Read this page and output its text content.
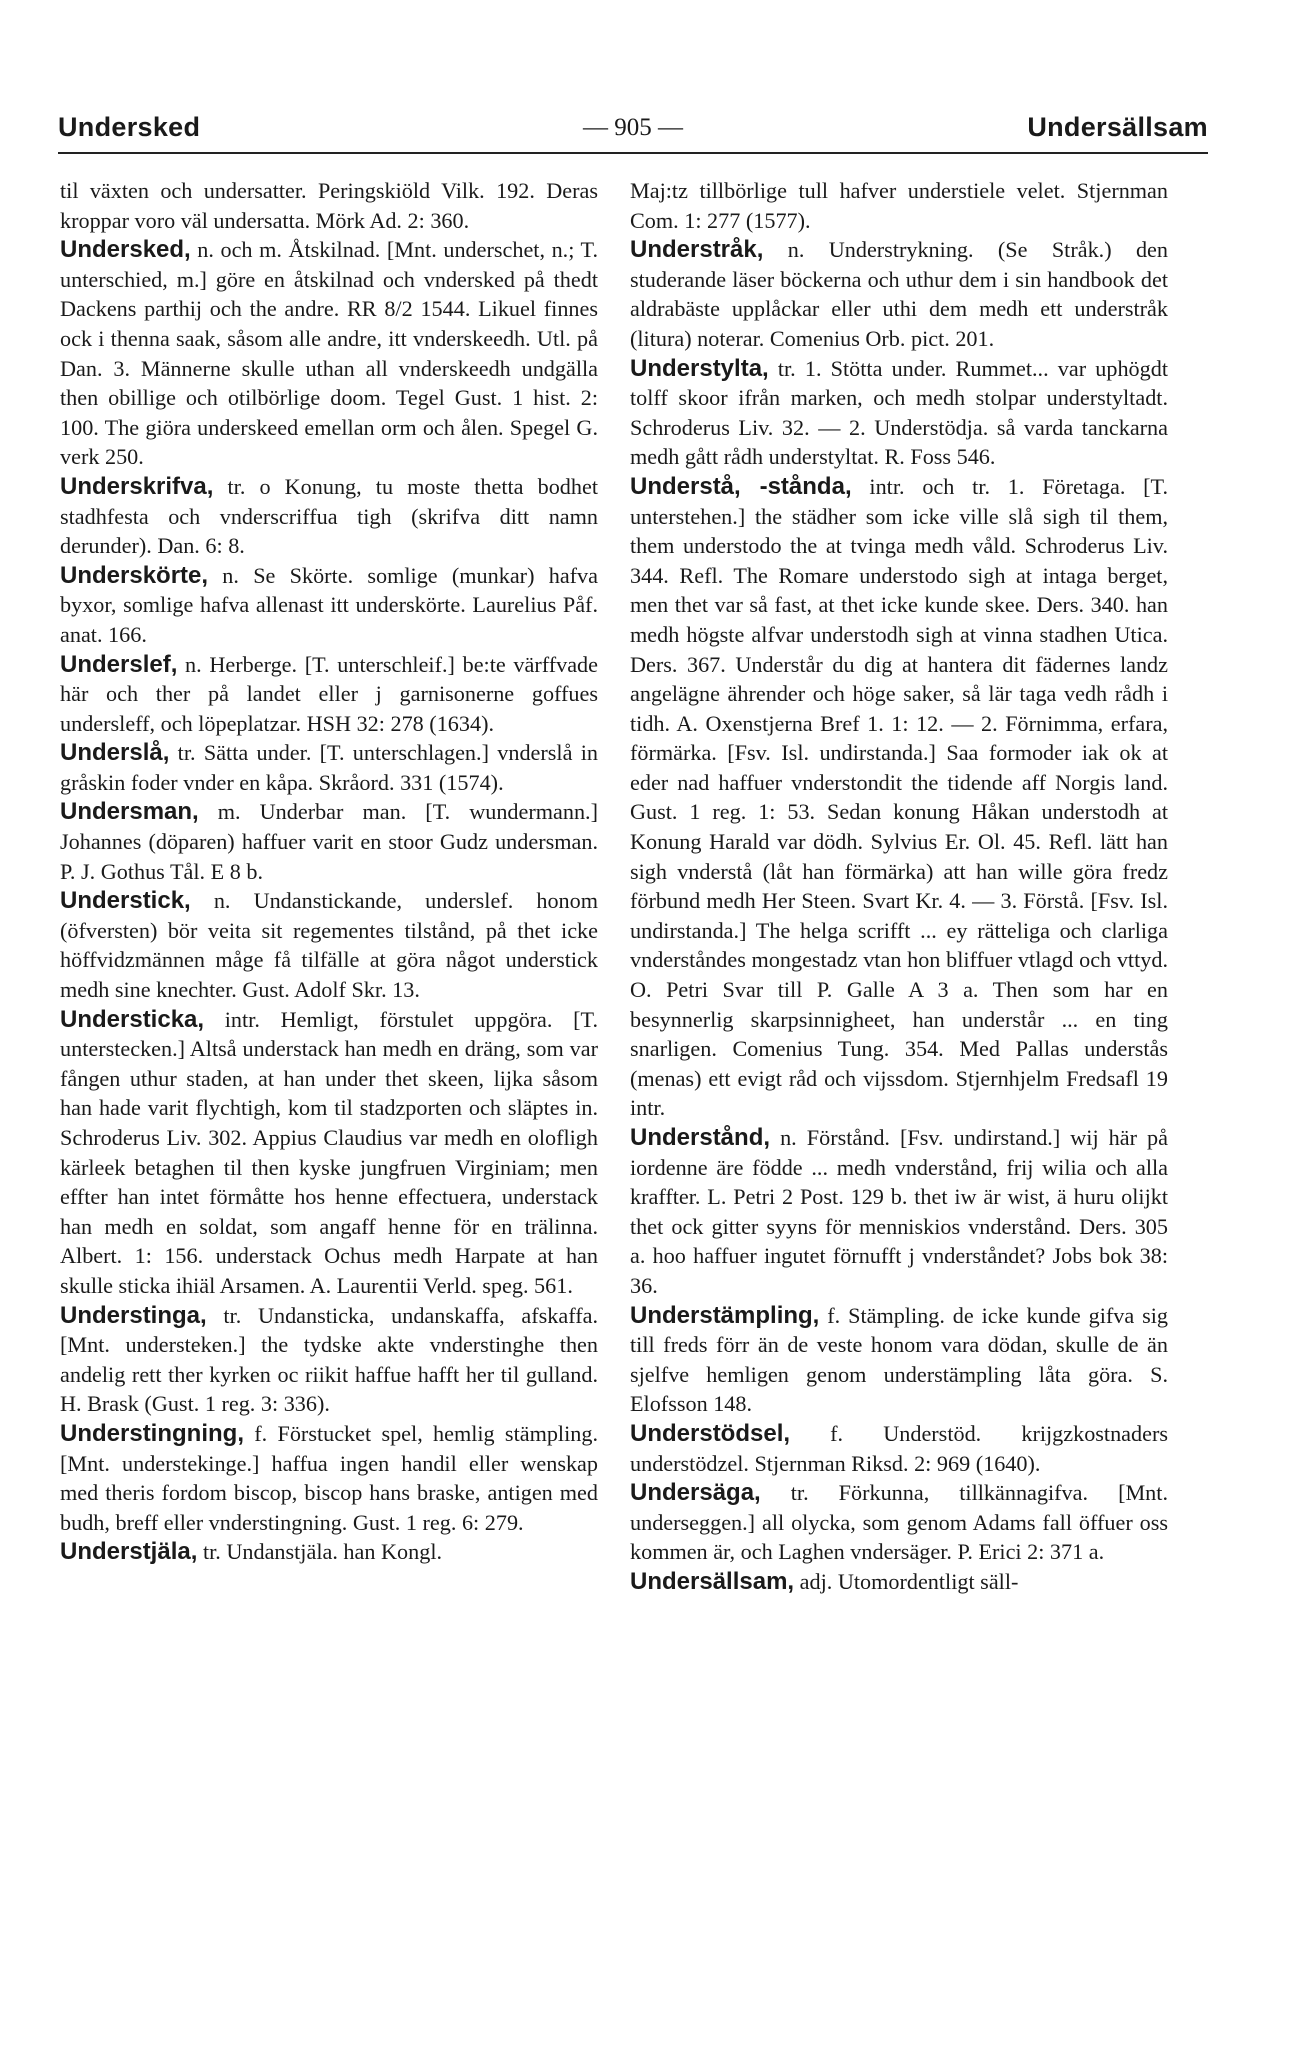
Undersked	— 905 —	Undersällsam

til växten och undersatter. Peringskiöld Vilk. 192. Deras kroppar voro väl undersatta. Mörk Ad. 2: 360.

Undersked, n. och m. Åtskilnad. [Mnt. underschet, n.; T. unterschied, m.] göre en åtskilnad och vndersked på thedt Dackens parthij och the andre. RR 8/2 1544. Likuel finnes ock i thenna saak, såsom alle andre, itt vnderskeedh. Utl. på Dan. 3. Männerne skulle uthan all vnderskeedh undgälla then obillige och otilbörlige doom. Tegel Gust. 1 hist. 2: 100. The giöra underskeed emellan orm och ålen. Spegel G. verk 250.

Underskrifva, tr. o Konung, tu moste thetta bodhet stadhfesta och vnderscriffua tigh (skrifva ditt namn derunder). Dan. 6: 8.

Underskörte, n. Se Skörte. somlige (munkar) hafva byxor, somlige hafva allenast itt underskörte. Laurelius Påf. anat. 166.

Underslef, n. Herberge. [T. unterschleif.] be:te värffvade här och ther på landet eller j garnisonerne goffues undersleff, och löpeplatzar. HSH 32: 278 (1634).

Underslå, tr. Sätta under. [T. unterschlagen.] vnderslå in gråskin foder vnder en kåpa. Skråord. 331 (1574).

Undersman, m. Underbar man. [T. wundermann.] Johannes (döparen) haffuer varit en stoor Gudz undersman. P. J. Gothus Tål. E 8 b.

Understick, n. Undanstickande, underslef. honom (öfversten) bör veita sit regementes tilstånd, på thet icke höffvidzmännen måge få tilfälle at göra något understick medh sine knechter. Gust. Adolf Skr. 13.

Understicka, intr. Hemligt, förstulet uppgöra. [T. unterstecken.] Altså understack han medh en dräng, som var fången uthur staden, at han under thet skeen, lijka såsom han hade varit flychtigh, kom til stadzporten och släptes in. Schroderus Liv. 302. Appius Claudius var medh en olofligh kärleek betaghen til then kyske jungfruen Virginiam; men effter han intet förmåtte hos henne effectuera, understack han medh en soldat, som angaff henne för en trälinna. Albert. 1: 156. understack Ochus medh Harpate at han skulle sticka ihiäl Arsamen. A. Laurentii Verld. speg. 561.

Understinga, tr. Undansticka, undanskaffa, afskaffa. [Mnt. understeken.] the tydske akte vnderstinghe then andelig rett ther kyrken oc riikit haffue hafft her til gulland. H. Brask (Gust. 1 reg. 3: 336).

Understingning, f. Förstucket spel, hemlig stämpling. [Mnt. understekinge.] haffua ingen handil eller wenskap med theris fordom biscop, biscop hans braske, antigen med budh, breff eller vnderstingning. Gust. 1 reg. 6: 279.

Understjäla, tr. Undanstjäla. han Kongl.

Maj:tz tillbörlige tull hafver understiele velet. Stjernman Com. 1: 277 (1577).

Understråk, n. Understrykning. (Se Stråk.) den studerande läser böckerna och uthur dem i sin handbook det aldrabäste upplåckar eller uthi dem medh ett understråk (litura) noterar. Comenius Orb. pict. 201.

Understylta, tr. 1. Stötta under. Rummet... var uphögdt tolff skoor ifrån marken, och medh stolpar understyltadt. Schroderus Liv. 32. — 2. Understödja. så varda tanckarna medh gått rådh understyltat. R. Foss 546.

Understå, -stånda, intr. och tr. 1. Företaga. [T. unterstehen.] the städher som icke ville slå sigh til them, them understodo the at tvinga medh våld. Schroderus Liv. 344. Refl. The Romare understodo sigh at intaga berget, men thet var så fast, at thet icke kunde skee. Ders. 340. han medh högste alfvar understodh sigh at vinna stadhen Utica. Ders. 367. Understår du dig at hantera dit fädernes landz angelägne ährender och höge saker, så lär taga vedh rådh i tidh. A. Oxenstjerna Bref 1. 1: 12. — 2. Förnimma, erfara, förmärka. [Fsv. Isl. undirstanda.] Saa formoder iak ok at eder nad haffuer vnderstondit the tidende aff Norgis land. Gust. 1 reg. 1: 53. Sedan konung Håkan understodh at Konung Harald var dödh. Sylvius Er. Ol. 45. Refl. lätt han sigh vnderstå (låt han förmärka) att han wille göra fredz förbund medh Her Steen. Svart Kr. 4. — 3. Förstå. [Fsv. Isl. undirstanda.] The helga scrifft ... ey rätteliga och clarliga vnderståndes mongestadz vtan hon bliffuer vtlagd och vttyd. O. Petri Svar till P. Galle A 3 a. Then som har en besynnerlig skarpsinnigheet, han understår ... en ting snarligen. Comenius Tung. 354. Med Pallas understås (menas) ett evigt råd och vijssdom. Stjernhjelm Fredsafl 19 intr.

Understånd, n. Förstånd. [Fsv. undirstand.] wij här på iordenne äre födde ... medh vnderstånd, frij wilia och alla kraffter. L. Petri 2 Post. 129 b. thet iw är wist, ä huru olijkt thet ock gitter syyns för menniskios vnderstånd. Ders. 305 a. hoo haffuer ingutet förnufft j vnderståndet? Jobs bok 38: 36.

Understämpling, f. Stämpling. de icke kunde gifva sig till freds förr än de veste honom vara dödan, skulle de än sjelfve hemligen genom understämpling låta göra. S. Elofsson 148.

Understödsel, f. Understöd. krijgzkostnaders understödzel. Stjernman Riksd. 2: 969 (1640).

Undersäga, tr. Förkunna, tillkännagifva. [Mnt. underseggen.] all olycka, som genom Adams fall öffuer oss kommen är, och Laghen vndersäger. P. Erici 2: 371 a.

Undersällsam, adj. Utomordentligt säll-
